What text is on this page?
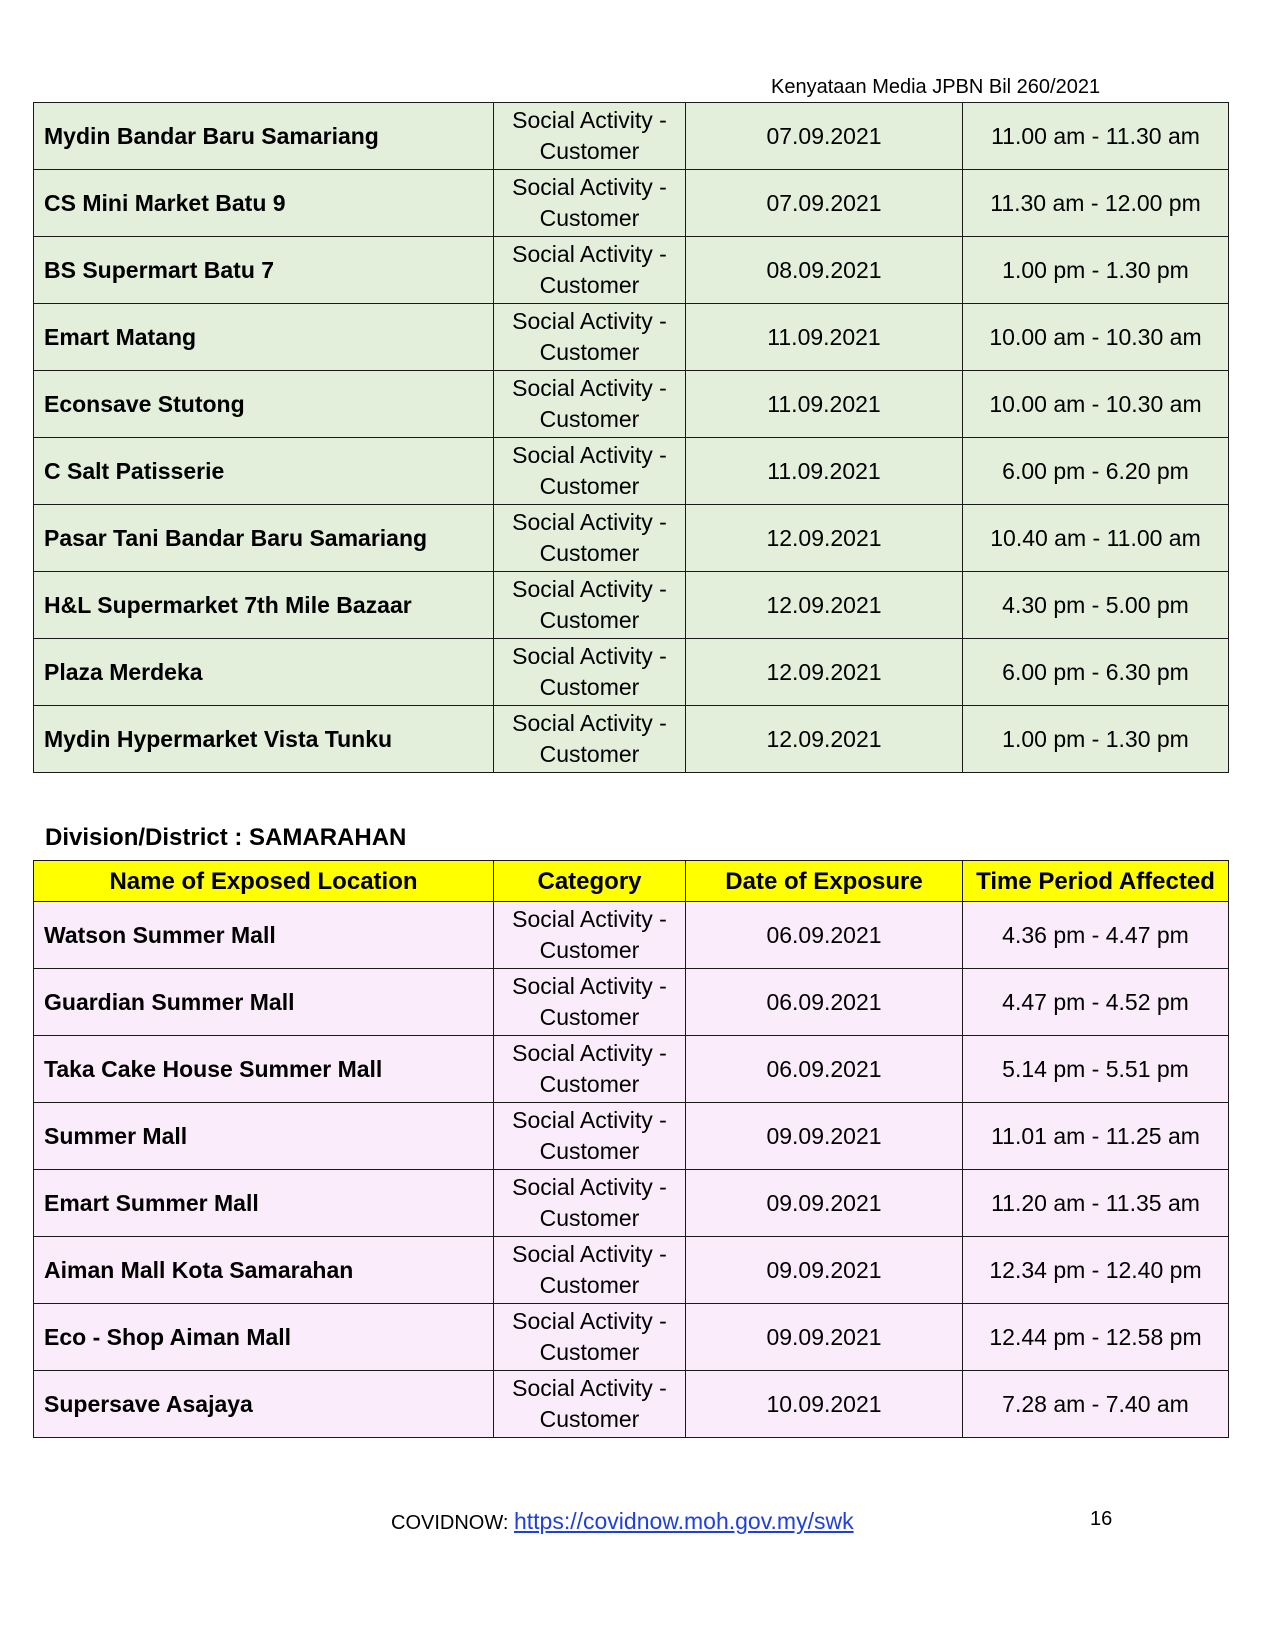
Kenyataan Media JPBN Bil 260/2021
Mydin Bandar Baru Samariang	Social Activity -
Customer	07.09.2021	11.00 am - 11.30 am
CS Mini Market Batu 9	Social Activity -
Customer	07.09.2021	11.30 am - 12.00 pm
BS Supermart Batu 7	Social Activity -
Customer	08.09.2021	1.00 pm - 1.30 pm
Emart Matang	Social Activity -
Customer	11.09.2021	10.00 am - 10.30 am
Econsave Stutong	Social Activity -
Customer	11.09.2021	10.00 am - 10.30 am
C Salt Patisserie	Social Activity -
Customer	11.09.2021	6.00 pm - 6.20 pm
Pasar Tani Bandar Baru Samariang	Social Activity -
Customer	12.09.2021	10.40 am - 11.00 am
H&L Supermarket 7th Mile Bazaar	Social Activity -
Customer	12.09.2021	4.30 pm - 5.00 pm
Plaza Merdeka	Social Activity -
Customer	12.09.2021	6.00 pm - 6.30 pm
Mydin Hypermarket Vista Tunku	Social Activity -
Customer	12.09.2021	1.00 pm - 1.30 pm
Division/District : SAMARAHAN
Name of Exposed Location	Category	Date of Exposure	Time Period Affected
Watson Summer Mall	Social Activity -
Customer	06.09.2021	4.36 pm - 4.47 pm
Guardian Summer Mall	Social Activity -
Customer	06.09.2021	4.47 pm - 4.52 pm
Taka Cake House Summer Mall	Social Activity -
Customer	06.09.2021	5.14 pm - 5.51 pm
Summer Mall	Social Activity -
Customer	09.09.2021	11.01 am - 11.25 am
Emart Summer Mall	Social Activity -
Customer	09.09.2021	11.20 am - 11.35 am
Aiman Mall Kota Samarahan	Social Activity -
Customer	09.09.2021	12.34 pm - 12.40 pm
Eco - Shop Aiman Mall	Social Activity -
Customer	09.09.2021	12.44 pm - 12.58 pm
Supersave Asajaya	Social Activity -
Customer	10.09.2021	7.28 am - 7.40 am
COVIDNOW: https://covidnow.moh.gov.my/swk	16
